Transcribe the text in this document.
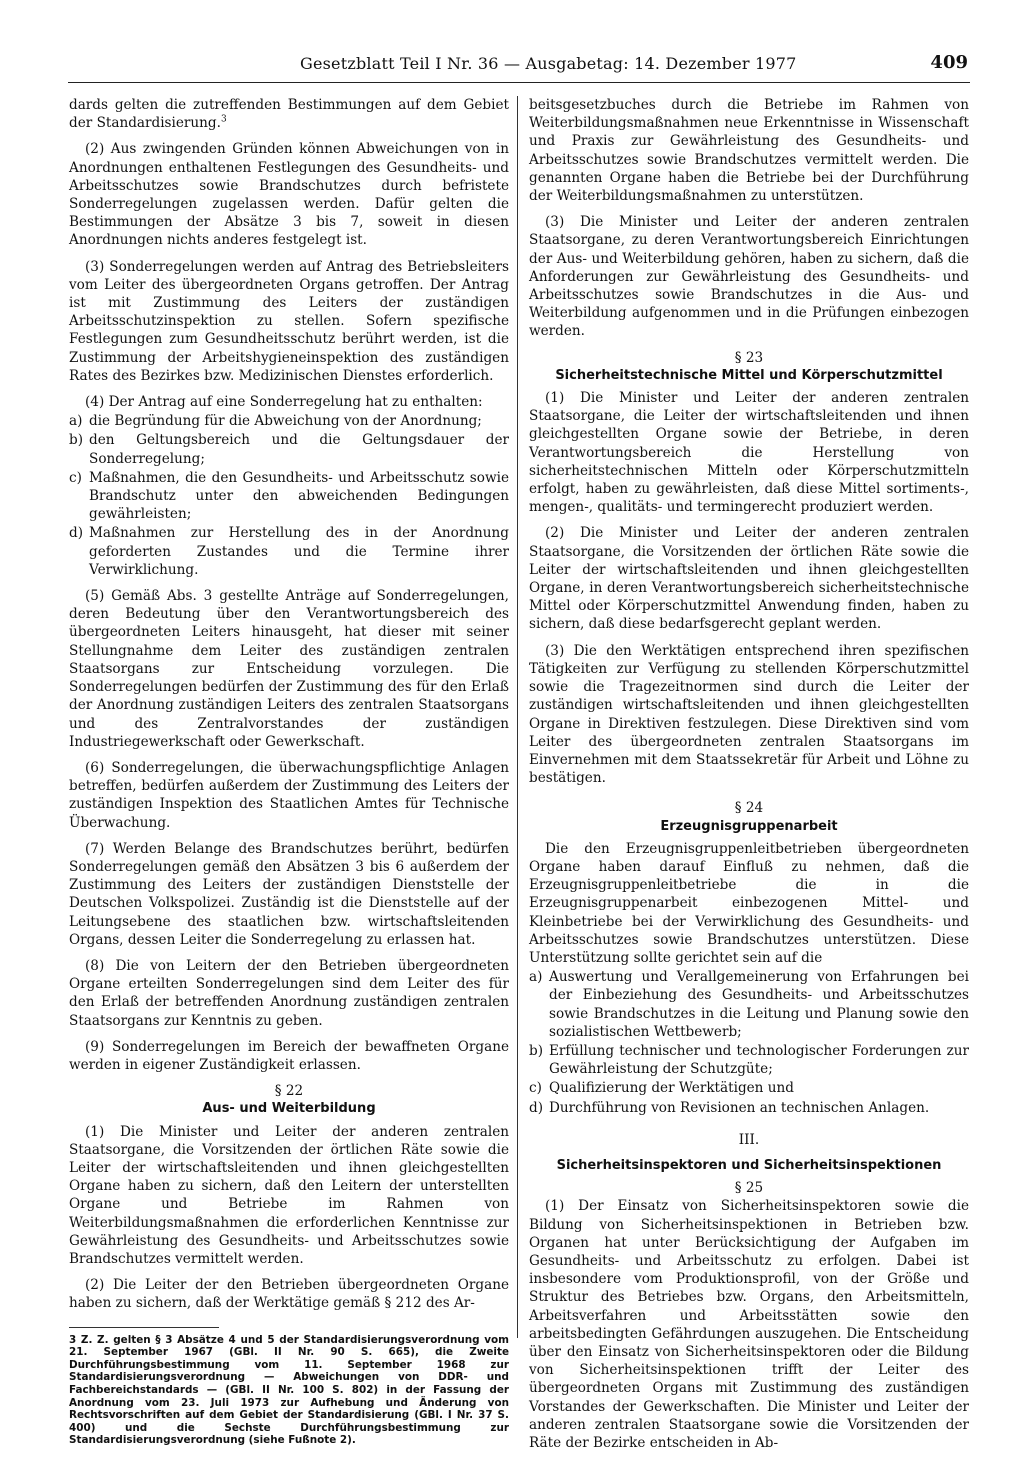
Gesetzblatt Teil I Nr. 36 — Ausgabetag: 14. Dezember 1977	409

dards gelten die zutreffenden Bestimmungen auf dem Gebiet der Standardisierung.$^3$

(2) Aus zwingenden Gründen können Abweichungen von in Anordnungen enthaltenen Festlegungen des Gesundheits- und Arbeitsschutzes sowie Brandschutzes durch befristete Sonderregelungen zugelassen werden. Dafür gelten die Bestimmungen der Absätze 3 bis 7, soweit in diesen Anordnungen nichts anderes festgelegt ist.

(3) Sonderregelungen werden auf Antrag des Betriebsleiters vom Leiter des übergeordneten Organs getroffen. Der Antrag ist mit Zustimmung des Leiters der zuständigen Arbeitsschutzinspektion zu stellen. Sofern spezifische Festlegungen zum Gesundheitsschutz berührt werden, ist die Zustimmung der Arbeitshygieneinspektion des zuständigen Rates des Bezirkes bzw. Medizinischen Dienstes erforderlich.

(4) Der Antrag auf eine Sonderregelung hat zu enthalten:

a) die Begründung für die Abweichung von der Anordnung;
b) den Geltungsbereich und die Geltungsdauer der Sonderregelung;
c) Maßnahmen, die den Gesundheits- und Arbeitsschutz sowie Brandschutz unter den abweichenden Bedingungen gewährleisten;
d) Maßnahmen zur Herstellung des in der Anordnung geforderten Zustandes und die Termine ihrer Verwirklichung.

(5) Gemäß Abs. 3 gestellte Anträge auf Sonderregelungen, deren Bedeutung über den Verantwortungsbereich des übergeordneten Leiters hinausgeht, hat dieser mit seiner Stellungnahme dem Leiter des zuständigen zentralen Staatsorgans zur Entscheidung vorzulegen. Die Sonderregelungen bedürfen der Zustimmung des für den Erlaß der Anordnung zuständigen Leiters des zentralen Staatsorgans und des Zentralvorstandes der zuständigen Industriegewerkschaft oder Gewerkschaft.

(6) Sonderregelungen, die überwachungspflichtige Anlagen betreffen, bedürfen außerdem der Zustimmung des Leiters der zuständigen Inspektion des Staatlichen Amtes für Technische Überwachung.

(7) Werden Belange des Brandschutzes berührt, bedürfen Sonderregelungen gemäß den Absätzen 3 bis 6 außerdem der Zustimmung des Leiters der zuständigen Dienststelle der Deutschen Volkspolizei. Zuständig ist die Dienststelle auf der Leitungsebene des staatlichen bzw. wirtschaftsleitenden Organs, dessen Leiter die Sonderregelung zu erlassen hat.

(8) Die von Leitern der den Betrieben übergeordneten Organe erteilten Sonderregelungen sind dem Leiter des für den Erlaß der betreffenden Anordnung zuständigen zentralen Staatsorgans zur Kenntnis zu geben.

(9) Sonderregelungen im Bereich der bewaffneten Organe werden in eigener Zuständigkeit erlassen.

§ 22
Aus- und Weiterbildung

(1) Die Minister und Leiter der anderen zentralen Staatsorgane, die Vorsitzenden der örtlichen Räte sowie die Leiter der wirtschaftsleitenden und ihnen gleichgestellten Organe haben zu sichern, daß den Leitern der unterstellten Organe und Betriebe im Rahmen von Weiterbildungsmaßnahmen die erforderlichen Kenntnisse zur Gewährleistung des Gesundheits- und Arbeitsschutzes sowie Brandschutzes vermittelt werden.

(2) Die Leiter der den Betrieben übergeordneten Organe haben zu sichern, daß der Werktätige gemäß § 212 des Ar-

3 Z. Z. gelten § 3 Absätze 4 und 5 der Standardisierungsverordnung vom 21. September 1967 (GBl. II Nr. 90 S. 665), die Zweite Durchführungsbestimmung vom 11. September 1968 zur Standardisierungsverordnung — Abweichungen von DDR- und Fachbereichstandards — (GBl. II Nr. 100 S. 802) in der Fassung der Anordnung vom 23. Juli 1973 zur Aufhebung und Änderung von Rechtsvorschriften auf dem Gebiet der Standardisierung (GBl. I Nr. 37 S. 400) und die Sechste Durchführungsbestimmung zur Standardisierungsverordnung (siehe Fußnote 2).

beitsgesetzbuches durch die Betriebe im Rahmen von Weiterbildungsmaßnahmen neue Erkenntnisse in Wissenschaft und Praxis zur Gewährleistung des Gesundheits- und Arbeitsschutzes sowie Brandschutzes vermittelt werden. Die genannten Organe haben die Betriebe bei der Durchführung der Weiterbildungsmaßnahmen zu unterstützen.

(3) Die Minister und Leiter der anderen zentralen Staatsorgane, zu deren Verantwortungsbereich Einrichtungen der Aus- und Weiterbildung gehören, haben zu sichern, daß die Anforderungen zur Gewährleistung des Gesundheits- und Arbeitsschutzes sowie Brandschutzes in die Aus- und Weiterbildung aufgenommen und in die Prüfungen einbezogen werden.

§ 23
Sicherheitstechnische Mittel und Körperschutzmittel

(1) Die Minister und Leiter der anderen zentralen Staatsorgane, die Leiter der wirtschaftsleitenden und ihnen gleichgestellten Organe sowie der Betriebe, in deren Verantwortungsbereich die Herstellung von sicherheitstechnischen Mitteln oder Körperschutzmitteln erfolgt, haben zu gewährleisten, daß diese Mittel sortiments-, mengen-, qualitäts- und termingerecht produziert werden.

(2) Die Minister und Leiter der anderen zentralen Staatsorgane, die Vorsitzenden der örtlichen Räte sowie die Leiter der wirtschaftsleitenden und ihnen gleichgestellten Organe, in deren Verantwortungsbereich sicherheitstechnische Mittel oder Körperschutzmittel Anwendung finden, haben zu sichern, daß diese bedarfsgerecht geplant werden.

(3) Die den Werktätigen entsprechend ihren spezifischen Tätigkeiten zur Verfügung zu stellenden Körperschutzmittel sowie die Tragezeitnormen sind durch die Leiter der zuständigen wirtschaftsleitenden und ihnen gleichgestellten Organe in Direktiven festzulegen. Diese Direktiven sind vom Leiter des übergeordneten zentralen Staatsorgans im Einvernehmen mit dem Staatssekretär für Arbeit und Löhne zu bestätigen.

§ 24
Erzeugnisgruppenarbeit

Die den Erzeugnisgruppenleitbetrieben übergeordneten Organe haben darauf Einfluß zu nehmen, daß die Erzeugnisgruppenleitbetriebe die in die Erzeugnisgruppenarbeit einbezogenen Mittel- und Kleinbetriebe bei der Verwirklichung des Gesundheits- und Arbeitsschutzes sowie Brandschutzes unterstützen. Diese Unterstützung sollte gerichtet sein auf die

a) Auswertung und Verallgemeinerung von Erfahrungen bei der Einbeziehung des Gesundheits- und Arbeitsschutzes sowie Brandschutzes in die Leitung und Planung sowie den sozialistischen Wettbewerb;
b) Erfüllung technischer und technologischer Forderungen zur Gewährleistung der Schutzgüte;
c) Qualifizierung der Werktätigen und
d) Durchführung von Revisionen an technischen Anlagen.
III.
Sicherheitsinspektoren und Sicherheitsinspektionen
§ 25

(1) Der Einsatz von Sicherheitsinspektoren sowie die Bildung von Sicherheitsinspektionen in Betrieben bzw. Organen hat unter Berücksichtigung der Aufgaben im Gesundheits- und Arbeitsschutz zu erfolgen. Dabei ist insbesondere vom Produktionsprofil, von der Größe und Struktur des Betriebes bzw. Organs, den Arbeitsmitteln, Arbeitsverfahren und Arbeitsstätten sowie den arbeitsbedingten Gefährdungen auszugehen. Die Entscheidung über den Einsatz von Sicherheitsinspektoren oder die Bildung von Sicherheitsinspektionen trifft der Leiter des übergeordneten Organs mit Zustimmung des zuständigen Vorstandes der Gewerkschaften. Die Minister und Leiter der anderen zentralen Staatsorgane sowie die Vorsitzenden der Räte der Bezirke entscheiden in Ab-
